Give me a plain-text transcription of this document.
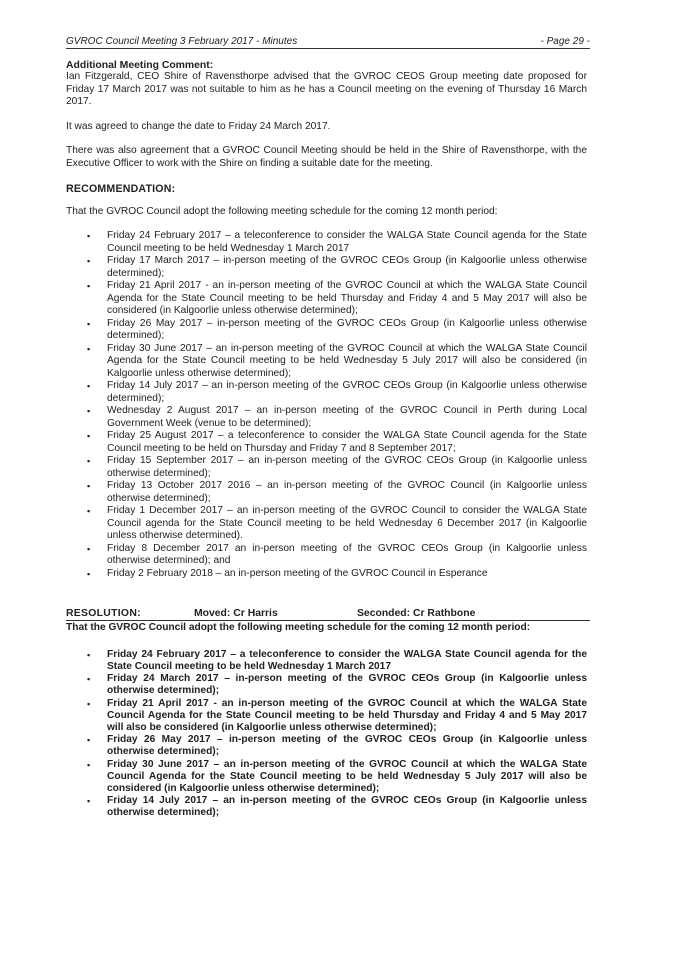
GVROC Council Meeting 3 February 2017 - Minutes	- Page 29 -
Additional Meeting Comment:

Ian Fitzgerald, CEO Shire of Ravensthorpe advised that the GVROC CEOS Group meeting date proposed for Friday 17 March 2017 was not suitable to him as he has a Council meeting on the evening of Thursday 16 March 2017.

It was agreed to change the date to Friday 24 March 2017.

There was also agreement that a GVROC Council Meeting should be held in the Shire of Ravensthorpe, with the Executive Officer to work with the Shire on finding a suitable date for the meeting.

RECOMMENDATION:

That the GVROC Council adopt the following meeting schedule for the coming 12 month period:

▪ Friday 24 February 2017 – a teleconference to consider the WALGA State Council agenda for the State Council meeting to be held Wednesday 1 March 2017
▪ Friday 17 March 2017 – in-person meeting of the GVROC CEOs Group (in Kalgoorlie unless otherwise determined);
▪ Friday 21 April 2017 - an in-person meeting of the GVROC Council at which the WALGA State Council Agenda for the State Council meeting to be held Thursday and Friday 4 and 5 May 2017 will also be considered (in Kalgoorlie unless otherwise determined);
▪ Friday 26 May 2017 – in-person meeting of the GVROC CEOs Group (in Kalgoorlie unless otherwise determined);
▪ Friday 30 June 2017 – an in-person meeting of the GVROC Council at which the WALGA State Council Agenda for the State Council meeting to be held Wednesday 5 July 2017 will also be considered (in Kalgoorlie unless otherwise determined);
▪ Friday 14 July 2017 – an in-person meeting of the GVROC CEOs Group (in Kalgoorlie unless otherwise determined);
▪ Wednesday 2 August 2017 – an in-person meeting of the GVROC Council in Perth during Local Government Week (venue to be determined);
▪ Friday 25 August 2017 – a teleconference to consider the WALGA State Council agenda for the State Council meeting to be held on Thursday and Friday 7 and 8 September 2017;
▪ Friday 15 September 2017 – an in-person meeting of the GVROC CEOs Group (in Kalgoorlie unless otherwise determined);
▪ Friday 13 October 2017 2016 – an in-person meeting of the GVROC Council (in Kalgoorlie unless otherwise determined);
▪ Friday 1 December 2017 – an in-person meeting of the GVROC Council to consider the WALGA State Council agenda for the State Council meeting to be held Wednesday 6 December 2017 (in Kalgoorlie unless otherwise determined).
▪ Friday 8 December 2017 an in-person meeting of the GVROC CEOs Group (in Kalgoorlie unless otherwise determined); and
▪ Friday 2 February 2018 – an in-person meeting of the GVROC Council in Esperance
RESOLUTION:	Moved: Cr Harris	Seconded: Cr Rathbone

That the GVROC Council adopt the following meeting schedule for the coming 12 month period:

▪ Friday 24 February 2017 – a teleconference to consider the WALGA State Council agenda for the State Council meeting to be held Wednesday 1 March 2017
▪ Friday 24 March 2017 – in-person meeting of the GVROC CEOs Group (in Kalgoorlie unless otherwise determined);
▪ Friday 21 April 2017 - an in-person meeting of the GVROC Council at which the WALGA State Council Agenda for the State Council meeting to be held Thursday and Friday 4 and 5 May 2017 will also be considered (in Kalgoorlie unless otherwise determined);
▪ Friday 26 May 2017 – in-person meeting of the GVROC CEOs Group (in Kalgoorlie unless otherwise determined);
▪ Friday 30 June 2017 – an in-person meeting of the GVROC Council at which the WALGA State Council Agenda for the State Council meeting to be held Wednesday 5 July 2017 will also be considered (in Kalgoorlie unless otherwise determined);
▪ Friday 14 July 2017 – an in-person meeting of the GVROC CEOs Group (in Kalgoorlie unless otherwise determined);
